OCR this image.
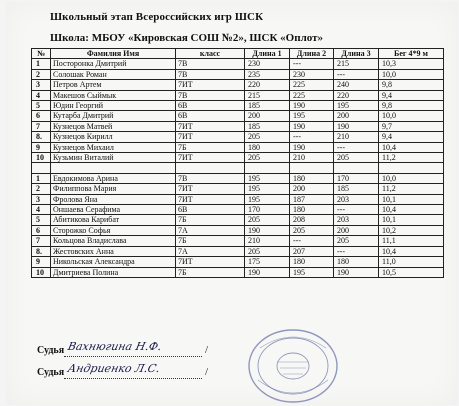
Школьный этап Всероссийских игр ШСК
Школа: МБОУ «Кировская СОШ №2», ШСК «Оплот»
№	Фамилия Имя	класс	Длина 1	Длина 2	Длина 3	Бег 4*9 м
1	Посторонка Дмитрий	7В	230	---	215	10,3
2	Солошак Роман	7В	235	230	---	10,0
3	Петров Артем	7ИТ	220	225	240	9,8
4	Макешов Сыймык	7В	215	225	220	9,4
5	Юдин Георгий	6В	185	190	195	9,8
6	Кутарба Дмитрий	6В	200	195	200	10,0
7	Кузнецов Матвей	7ИТ	185	190	190	9,7
8.	Кузнецов Кирилл	7ИТ	205	---	210	9,4
9	Кузнецов Михаил	7Б	180	190	---	10,4
10	Кузьмин Виталий	7ИТ	205	210	205	11,2

1	Евдокимова Арина	7В	195	180	170	10,0
2	Филиппова Мария	7ИТ	195	200	185	11,2
3	Фролова Яна	7ИТ	195	187	203	10,1
4	Оншаева Серафима	6В	170	180	---	10,4
5	Абитикова Карибат	7Б	205	208	203	10,1
6	Сторожко Софья	7А	190	205	200	10,2
7	Кольцова Владислава	7Б	210	---	205	11,1
8.	Жестовских Анна	7А	205	207	---	10,4
9	Никольская Александра	7ИТ	175	180	180	11,0
10	Дмитриева Полина	7Б	190	195	190	10,5
Судья Вахнюгина Н.Ф.	/
Судья Андриенко Л.С.	/
